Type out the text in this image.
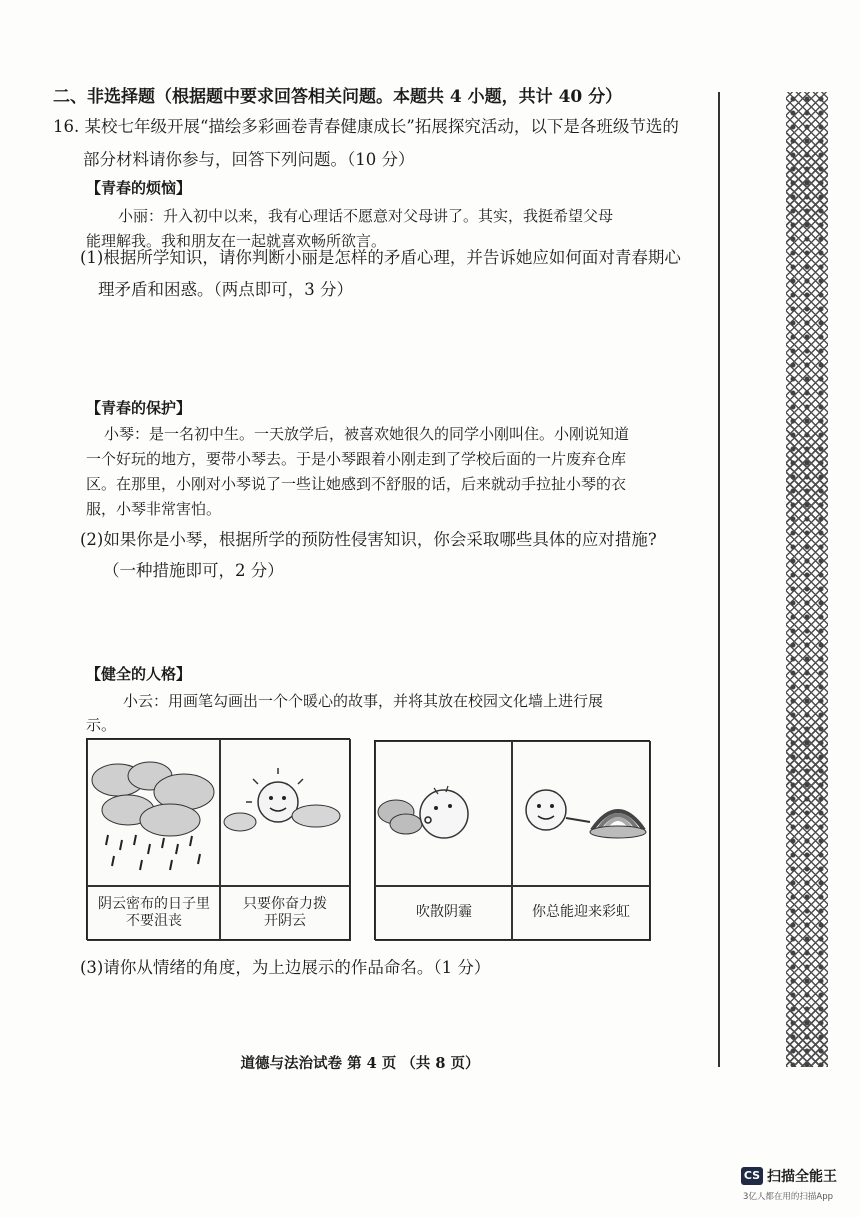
二、非选择题（根据题中要求回答相关问题。本题共 4 小题，共计 40 分）
16. 某校七年级开展“描绘多彩画卷青春健康成长”拓展探究活动，以下是各班级节选的
部分材料请你参与，回答下列问题。（10 分）
【青春的烦恼】
小丽：升入初中以来，我有心理话不愿意对父母讲了。其实，我挺希望父母
能理解我。我和朋友在一起就喜欢畅所欲言。
(1)根据所学知识，请你判断小丽是怎样的矛盾心理，并告诉她应如何面对青春期心
理矛盾和困惑。（两点即可，3 分）
【青春的保护】
小琴：是一名初中生。一天放学后，被喜欢她很久的同学小刚叫住。小刚说知道
一个好玩的地方，要带小琴去。于是小琴跟着小刚走到了学校后面的一片废弃仓库
区。在那里，小刚对小琴说了一些让她感到不舒服的话，后来就动手拉扯小琴的衣
服，小琴非常害怕。
(2)如果你是小琴，根据所学的预防性侵害知识，你会采取哪些具体的应对措施?
（一种措施即可，2 分）
【健全的人格】
小云：用画笔勾画出一个个暖心的故事，并将其放在校园文化墙上进行展
示。
阴云密布的日子里
不要沮丧
只要你奋力拨
开阴云
吹散阴霾	你总能迎来彩虹
(3)请你从情绪的角度，为上边展示的作品命名。（1 分）
道德与法治试卷 第 4 页 （共 8 页）
CS 扫描全能王
3亿人都在用的扫描App
